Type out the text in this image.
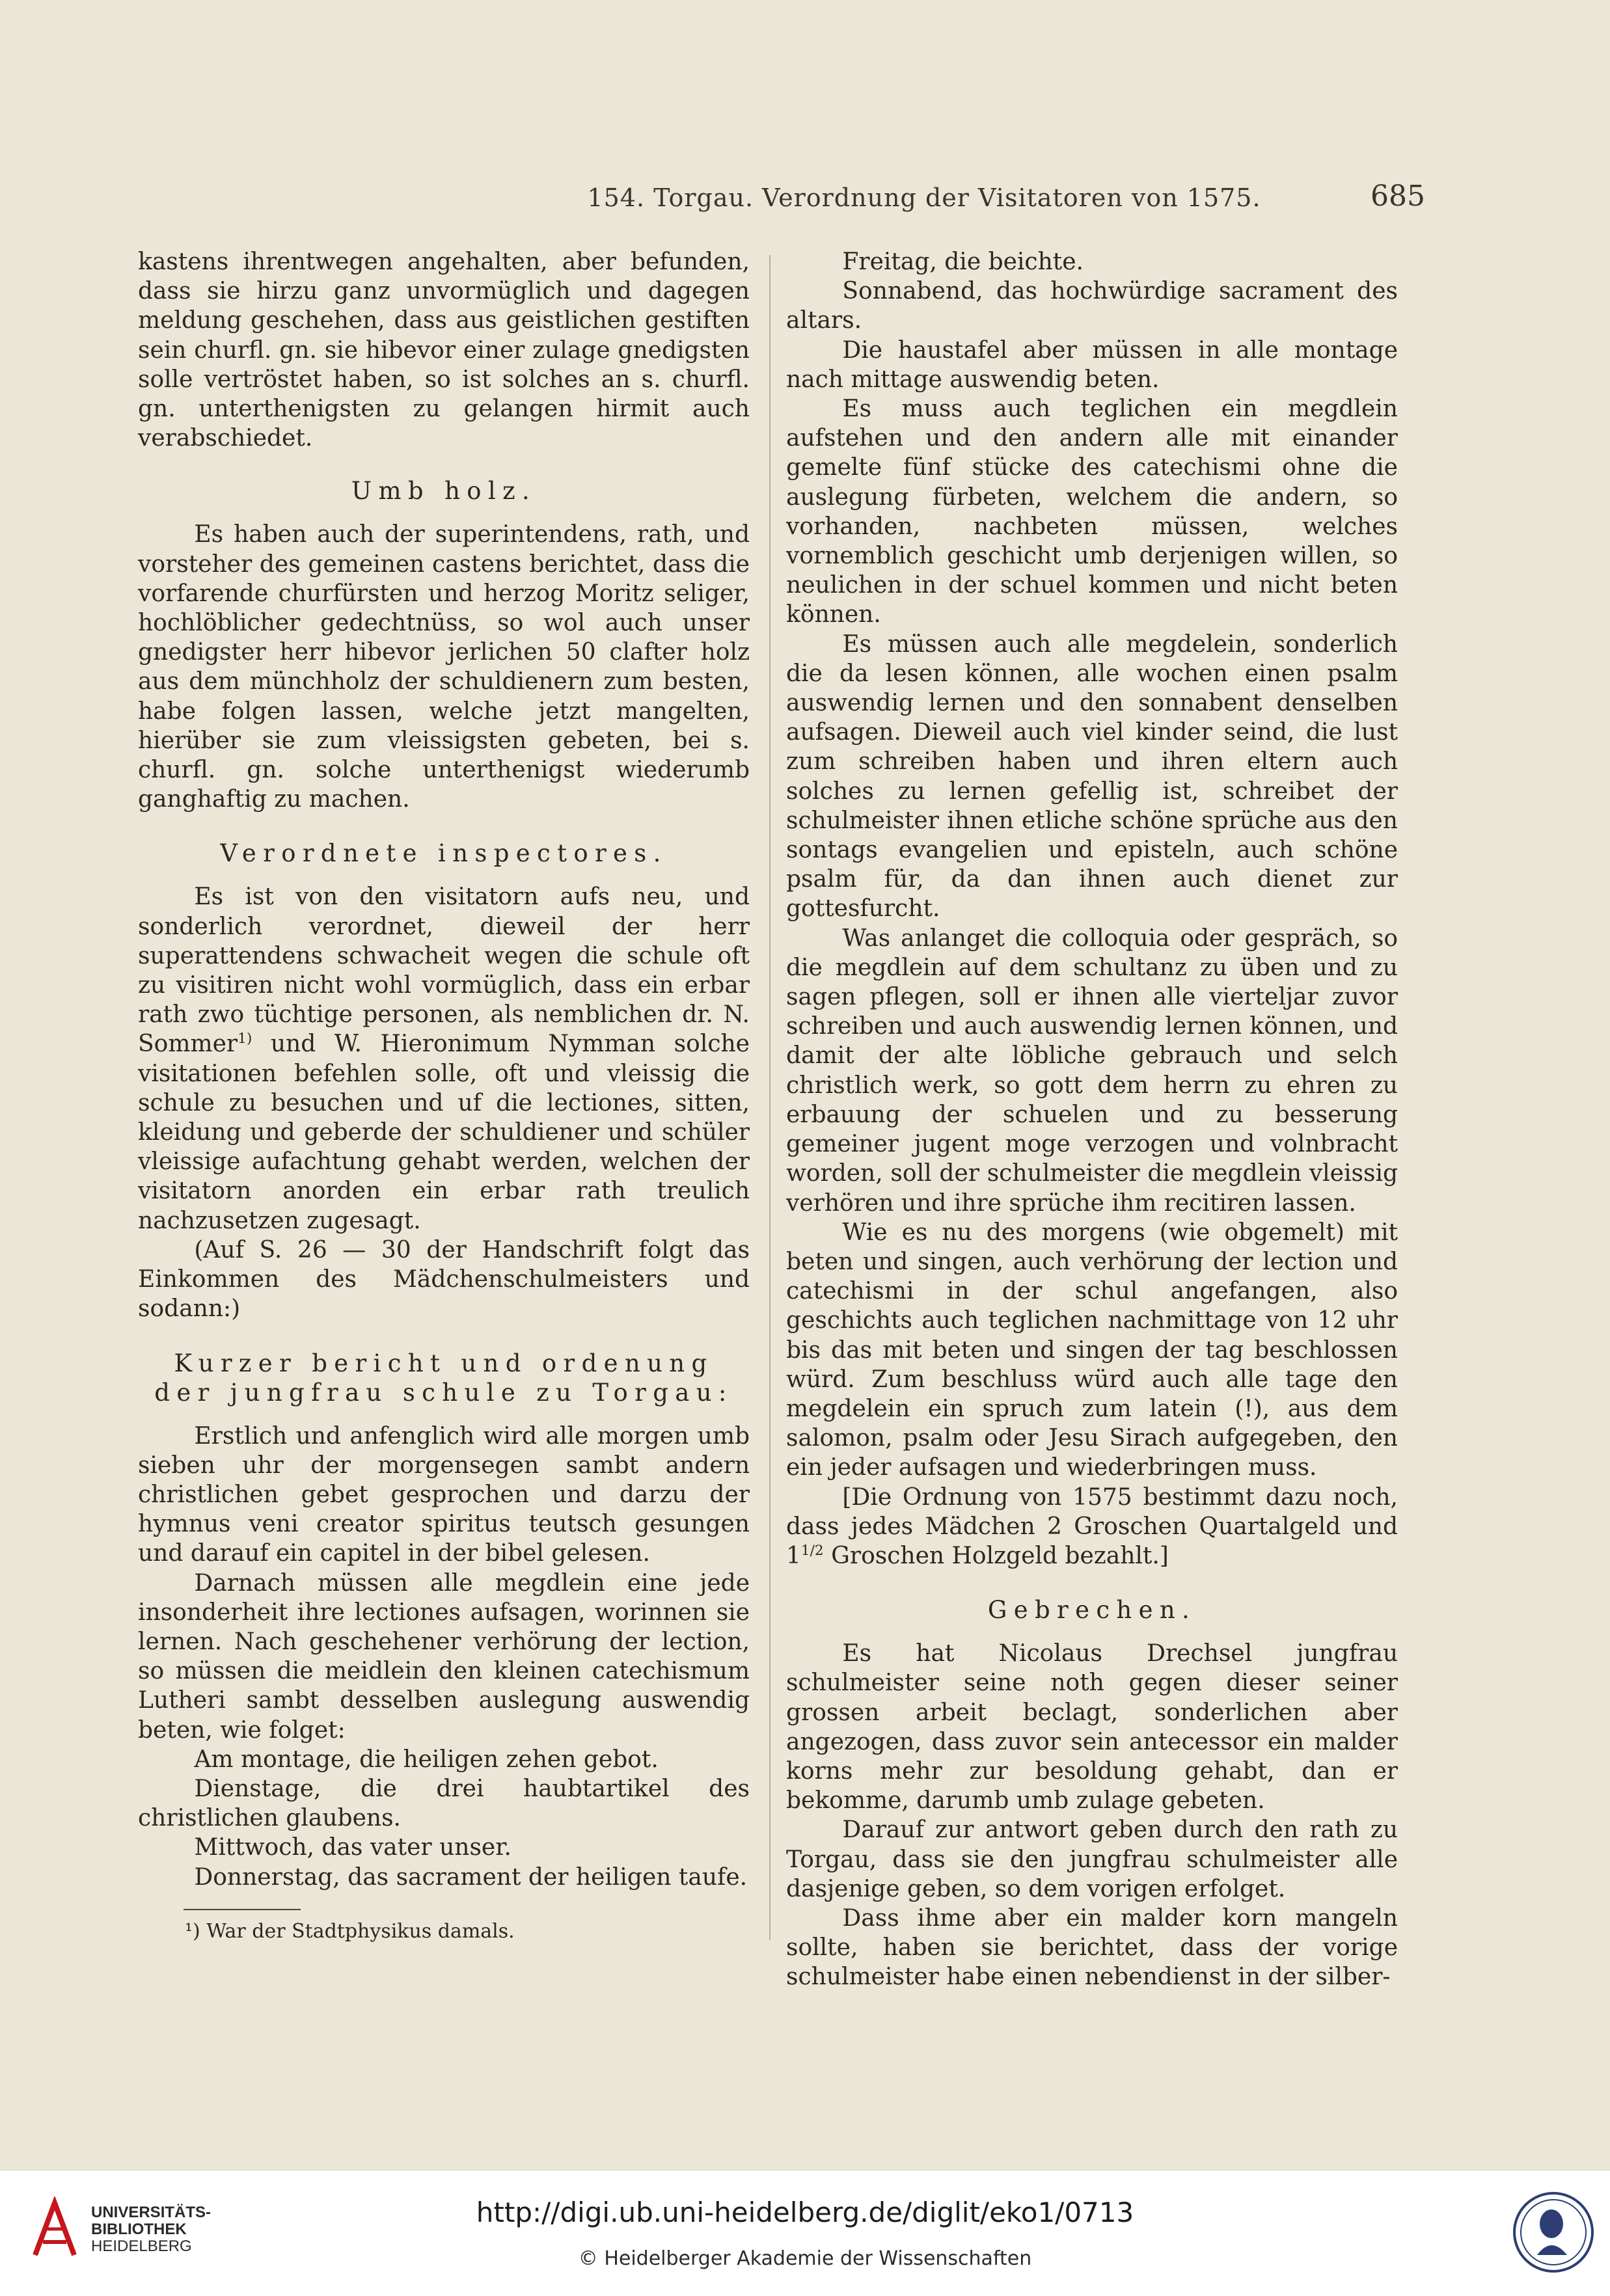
154. Torgau. Verordnung der Visitatoren von 1575.	685

kastens ihrentwegen angehalten, aber befunden, dass sie hirzu ganz unvormüglich und dagegen meldung geschehen, dass aus geistlichen gestiften sein churfl. gn. sie hibevor einer zulage gnedigsten solle vertröstet haben, so ist solches an s. churfl. gn. unterthenigsten zu gelangen hirmit auch verabschiedet.

Umb holz.

Es haben auch der superintendens, rath, und vorsteher des gemeinen castens berichtet, dass die vorfarende churfürsten und herzog Moritz seliger, hochlöblicher gedechtnüss, so wol auch unser gnedigster herr hibevor jerlichen 50 clafter holz aus dem münchholz der schuldienern zum besten, habe folgen lassen, welche jetzt mangelten, hierüber sie zum vleissigsten gebeten, bei s. churfl. gn. solche unterthenigst wiederumb ganghaftig zu machen.

Verordnete inspectores.

Es ist von den visitatorn aufs neu, und sonderlich verordnet, dieweil der herr superattendens schwacheit wegen die schule oft zu visitiren nicht wohl vormüglich, dass ein erbar rath zwo tüchtige personen, als nemblichen dr. N. Sommer$^{1)}$ und W. Hieronimum Nymman solche visitationen befehlen solle, oft und vleissig die schule zu besuchen und uf die lectiones, sitten, kleidung und geberde der schuldiener und schüler vleissige aufachtung gehabt werden, welchen der visitatorn anorden ein erbar rath treulich nachzusetzen zugesagt.

(Auf S. 26 — 30 der Handschrift folgt das Einkommen des Mädchenschulmeisters und sodann:)

Kurzer bericht und ordenung der jungfrau schule zu Torgau:

Erstlich und anfenglich wird alle morgen umb sieben uhr der morgensegen sambt andern christlichen gebet gesprochen und darzu der hymnus veni creator spiritus teutsch gesungen und darauf ein capitel in der bibel gelesen.

Darnach müssen alle megdlein eine jede insonderheit ihre lectiones aufsagen, worinnen sie lernen. Nach geschehener verhörung der lection, so müssen die meidlein den kleinen catechismum Lutheri sambt desselben auslegung auswendig beten, wie folget:

Am montage, die heiligen zehen gebot.

Dienstage, die drei haubtartikel des christlichen glaubens.

Mittwoch, das vater unser.

Donnerstag, das sacrament der heiligen taufe.

¹) War der Stadtphysikus damals.

Freitag, die beichte.

Sonnabend, das hochwürdige sacrament des altars.

Die haustafel aber müssen in alle montage nach mittage auswendig beten.

Es muss auch teglichen ein megdlein aufstehen und den andern alle mit einander gemelte fünf stücke des catechismi ohne die auslegung fürbeten, welchem die andern, so vorhanden, nachbeten müssen, welches vornemblich geschicht umb derjenigen willen, so neulichen in der schuel kommen und nicht beten können.

Es müssen auch alle megdelein, sonderlich die da lesen können, alle wochen einen psalm auswendig lernen und den sonnabent denselben aufsagen. Dieweil auch viel kinder seind, die lust zum schreiben haben und ihren eltern auch solches zu lernen gefellig ist, schreibet der schulmeister ihnen etliche schöne sprüche aus den sontags evangelien und episteln, auch schöne psalm für, da dan ihnen auch dienet zur gottesfurcht.

Was anlanget die colloquia oder gespräch, so die megdlein auf dem schultanz zu üben und zu sagen pflegen, soll er ihnen alle vierteljar zuvor schreiben und auch auswendig lernen können, und damit der alte löbliche gebrauch und selch christlich werk, so gott dem herrn zu ehren zu erbauung der schuelen und zu besserung gemeiner jugent moge verzogen und volnbracht worden, soll der schulmeister die megdlein vleissig verhören und ihre sprüche ihm recitiren lassen.

Wie es nu des morgens (wie obgemelt) mit beten und singen, auch verhörung der lection und catechismi in der schul angefangen, also geschichts auch teglichen nachmittage von 12 uhr bis das mit beten und singen der tag beschlossen würd. Zum beschluss würd auch alle tage den megdelein ein spruch zum latein (!), aus dem salomon, psalm oder Jesu Sirach aufgegeben, den ein jeder aufsagen und wiederbringen muss.

[Die Ordnung von 1575 bestimmt dazu noch, dass jedes Mädchen 2 Groschen Quartalgeld und $1^{1/2}$ Groschen Holzgeld bezahlt.]

Gebrechen.

Es hat Nicolaus Drechsel jungfrau schulmeister seine noth gegen dieser seiner grossen arbeit beclagt, sonderlichen aber angezogen, dass zuvor sein antecessor ein malder korns mehr zur besoldung gehabt, dan er bekomme, darumb umb zulage gebeten.

Darauf zur antwort geben durch den rath zu Torgau, dass sie den jungfrau schulmeister alle dasjenige geben, so dem vorigen erfolget.

Dass ihme aber ein malder korn mangeln sollte, haben sie berichtet, dass der vorige schulmeister habe einen nebendienst in der silber-

UNIVERSITÄTS-
BIBLIOTHEK
HEIDELBERG
http://digi.ub.uni-heidelberg.de/diglit/eko1/0713
© Heidelberger Akademie der Wissenschaften
